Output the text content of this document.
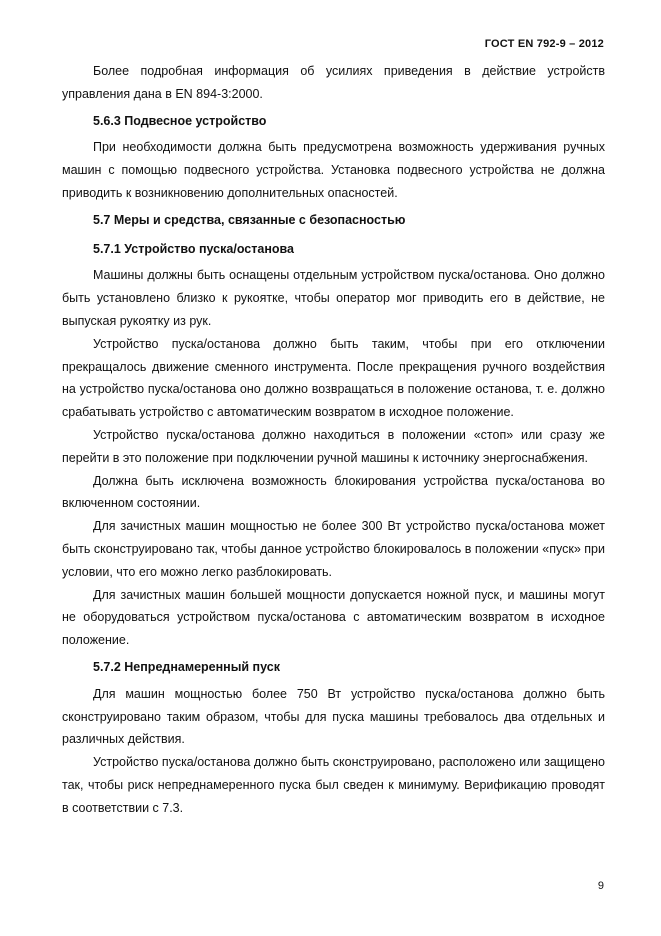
ГОСТ EN 792-9 – 2012

Более подробная информация об усилиях приведения в действие устройств управления дана в EN 894-3:2000.

5.6.3 Подвесное устройство

При необходимости должна быть предусмотрена возможность удерживания ручных машин с помощью подвесного устройства. Установка подвесного устройства не должна приводить к возникновению дополнительных опасностей.

5.7 Меры и средства, связанные с безопасностью

5.7.1 Устройство пуска/останова

Машины должны быть оснащены отдельным устройством пуска/останова. Оно должно быть установлено близко к рукоятке, чтобы оператор мог приводить его в действие, не выпуская рукоятку из рук.

Устройство пуска/останова должно быть таким, чтобы при его отключении прекращалось движение сменного инструмента. После прекращения ручного воздействия на устройство пуска/останова оно должно возвращаться в положение останова, т. е. должно срабатывать устройство с автоматическим возвратом в исходное положение.

Устройство пуска/останова должно находиться в положении «стоп» или сразу же перейти в это положение при подключении ручной машины к источнику энергоснабжения.

Должна быть исключена возможность блокирования устройства пуска/останова во включенном состоянии.

Для зачистных машин мощностью не более 300 Вт устройство пуска/останова может быть сконструировано так, чтобы данное устройство блокировалось в положении «пуск» при условии, что его можно легко разблокировать.

Для зачистных машин большей мощности допускается ножной пуск, и машины могут не оборудоваться устройством пуска/останова с автоматическим возвратом в исходное положение.

5.7.2 Непреднамеренный пуск

Для машин мощностью более 750 Вт устройство пуска/останова должно быть сконструировано таким образом, чтобы для пуска машины требовалось два отдельных и различных действия.

Устройство пуска/останова должно быть сконструировано, расположено или защищено так, чтобы риск непреднамеренного пуска был сведен к минимуму. Верификацию проводят в соответствии с 7.3.

9
